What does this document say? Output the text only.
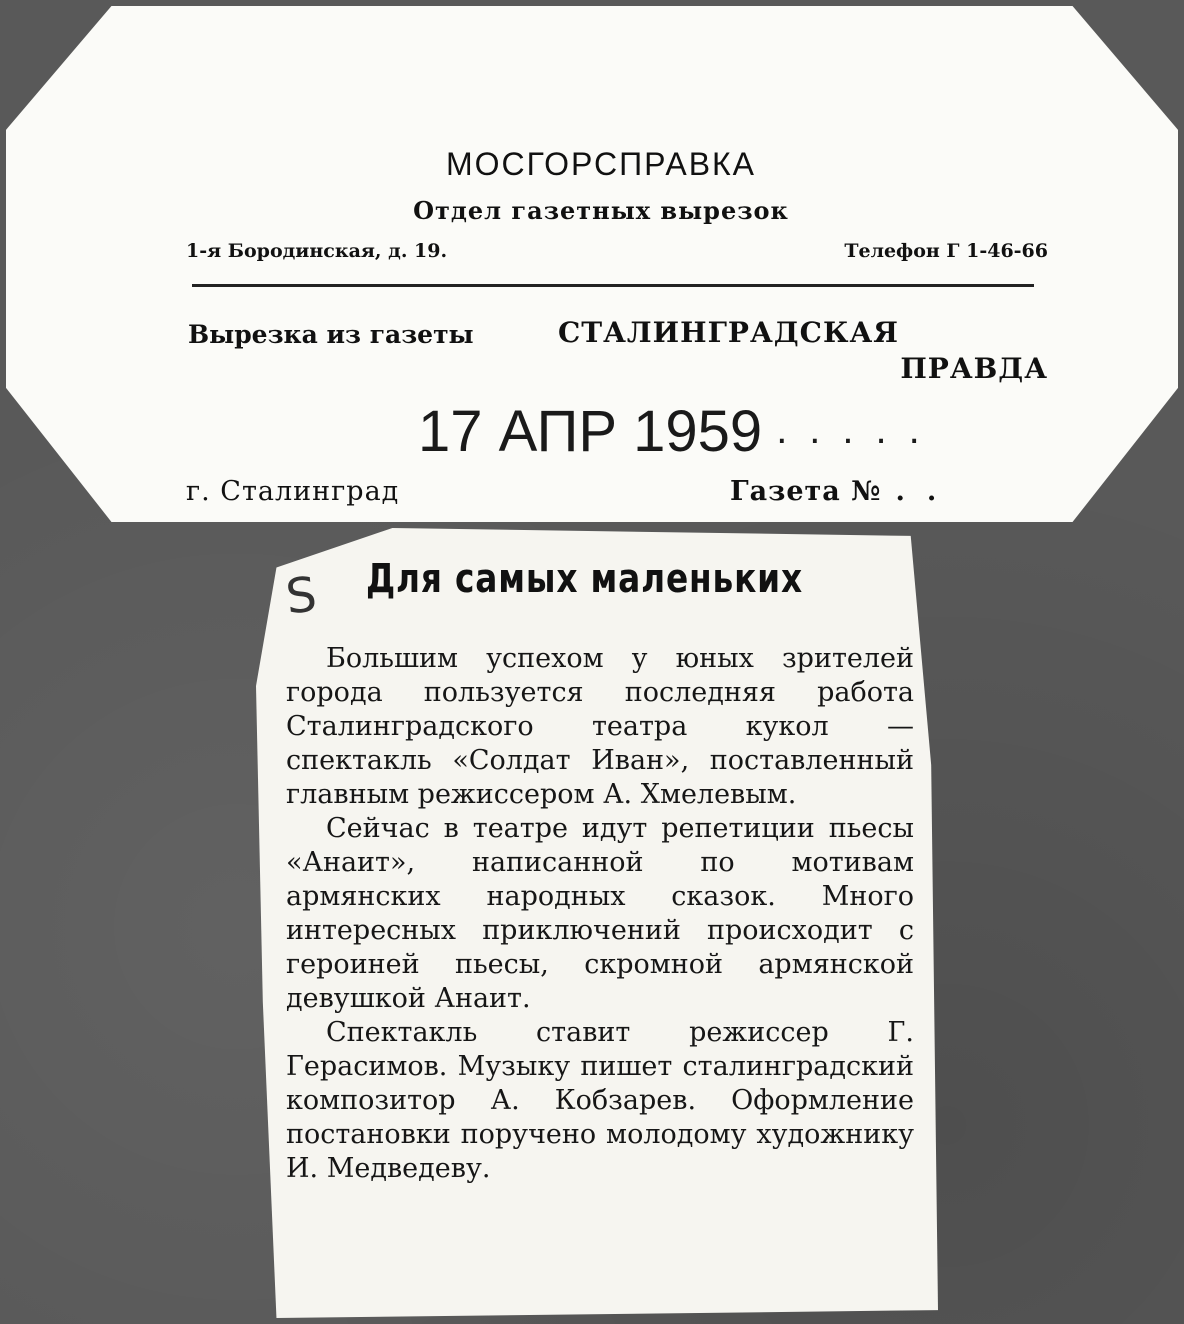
МОСГОРСПРАВКА
Отдел газетных вырезок
1-я Бородинская, д. 19.	Телефон Г 1-46-66
Вырезка из газеты	СТАЛИНГРАДСКАЯ
ПРАВДА
17 АПР 1959 .....
г. Сталинград	Газета № ..
S Для самых маленьких

Большим успехом у юных зрителей города пользуется последняя работа Сталинградского театра кукол — спектакль «Солдат Иван», поставленный главным режиссером А. Хмелевым.

Сейчас в театре идут репетиции пьесы «Анаит», написанной по мотивам армянских народных сказок. Много интересных приключений происходит с героиней пьесы, скромной армянской девушкой Анаит.

Спектакль ставит режиссер Г. Герасимов. Музыку пишет сталинградский композитор А. Кобзарев. Оформление постановки поручено молодому художнику И. Медведеву.
